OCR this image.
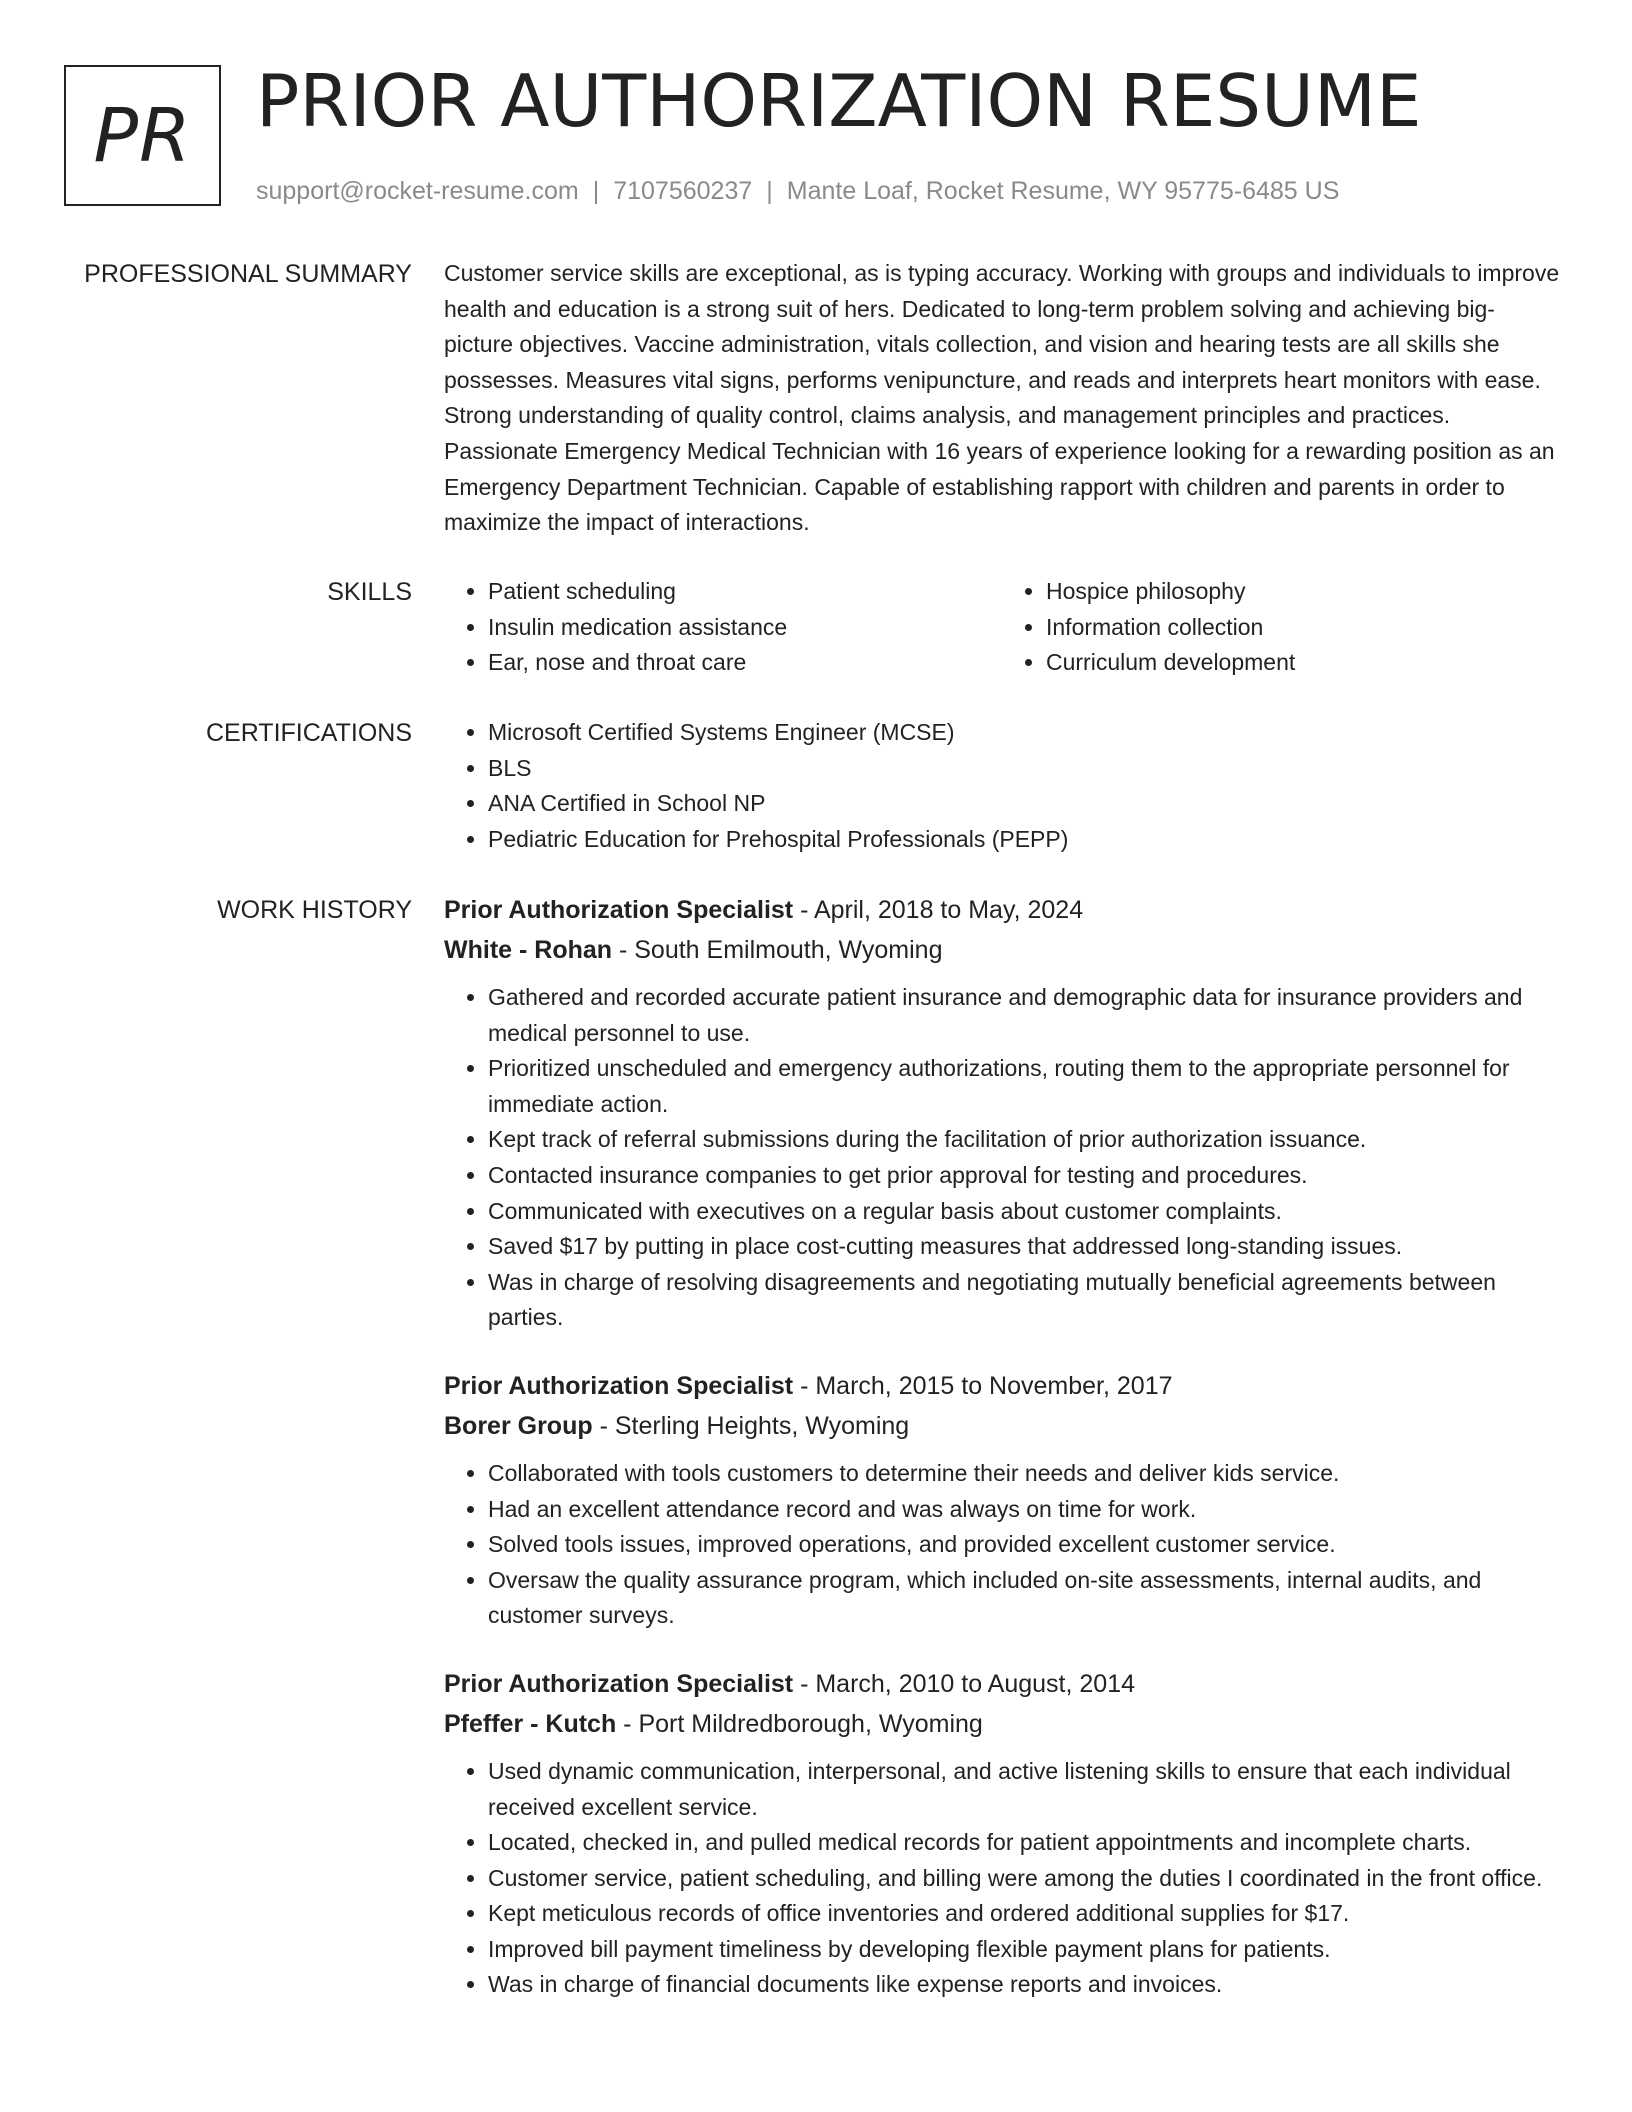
PR PRIOR AUTHORIZATION RESUME
support@rocket-resume.com | 7107560237 | Mante Loaf, Rocket Resume, WY 95775-6485 US
PROFESSIONAL SUMMARY Customer service skills are exceptional, as is typing accuracy. Working with groups and individuals to improve health and education is a strong suit of hers. Dedicated to long-term problem solving and achieving big-picture objectives. Vaccine administration, vitals collection, and vision and hearing tests are all skills she possesses. Measures vital signs, performs venipuncture, and reads and interprets heart monitors with ease. Strong understanding of quality control, claims analysis, and management principles and practices. Passionate Emergency Medical Technician with 16 years of experience looking for a rewarding position as an Emergency Department Technician. Capable of establishing rapport with children and parents in order to maximize the impact of interactions.

SKILLS	• Patient scheduling
• Insulin medication assistance
• Ear, nose and throat care
• Hospice philosophy
• Information collection
• Curriculum development
CERTIFICATIONS	• Microsoft Certified Systems Engineer (MCSE)
• BLS
• ANA Certified in School NP
• Pediatric Education for Prehospital Professionals (PEPP)
WORK HISTORY Prior Authorization Specialist - April, 2018 to May, 2024

White - Rohan - South Emilmouth, Wyoming

• Gathered and recorded accurate patient insurance and demographic data for insurance providers and medical personnel to use.
• Prioritized unscheduled and emergency authorizations, routing them to the appropriate personnel for immediate action.
• Kept track of referral submissions during the facilitation of prior authorization issuance.
• Contacted insurance companies to get prior approval for testing and procedures.
• Communicated with executives on a regular basis about customer complaints.
• Saved $17 by putting in place cost-cutting measures that addressed long-standing issues.
• Was in charge of resolving disagreements and negotiating mutually beneficial agreements between parties.

Prior Authorization Specialist - March, 2015 to November, 2017

Borer Group - Sterling Heights, Wyoming

• Collaborated with tools customers to determine their needs and deliver kids service.
• Had an excellent attendance record and was always on time for work.
• Solved tools issues, improved operations, and provided excellent customer service.
• Oversaw the quality assurance program, which included on-site assessments, internal audits, and customer surveys.

Prior Authorization Specialist - March, 2010 to August, 2014

Pfeffer - Kutch - Port Mildredborough, Wyoming

• Used dynamic communication, interpersonal, and active listening skills to ensure that each individual received excellent service.
• Located, checked in, and pulled medical records for patient appointments and incomplete charts.
• Customer service, patient scheduling, and billing were among the duties I coordinated in the front office.
• Kept meticulous records of office inventories and ordered additional supplies for $17.
• Improved bill payment timeliness by developing flexible payment plans for patients.
• Was in charge of financial documents like expense reports and invoices.
